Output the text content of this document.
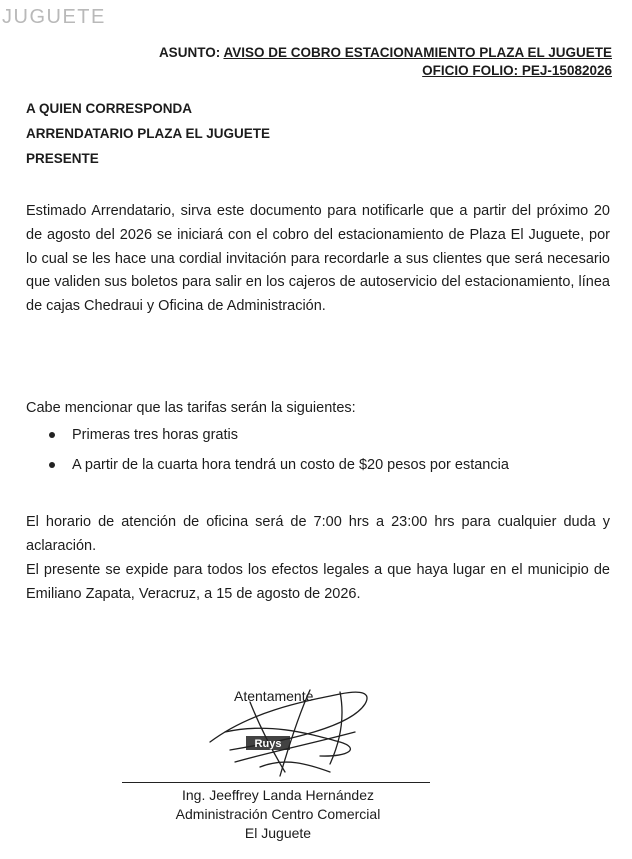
JUGUETE
ASUNTO: AVISO DE COBRO ESTACIONAMIENTO PLAZA EL JUGUETE
OFICIO FOLIO: PEJ-15082026
A QUIEN CORRESPONDA
ARRENDATARIO PLAZA EL JUGUETE
PRESENTE
Estimado Arrendatario, sirva este documento para notificarle que a partir del próximo 20 de agosto del 2026 se iniciará con el cobro del estacionamiento de Plaza El Juguete, por lo cual se les hace una cordial invitación para recordarle a sus clientes que será necesario que validen sus boletos para salir en los cajeros de autoservicio del estacionamiento, línea de cajas Chedraui y Oficina de Administración.
Cabe mencionar que las tarifas serán la siguientes:
Primeras tres horas gratis
A partir de la cuarta hora tendrá un costo de $20 pesos por estancia

El horario de atención de oficina será de 7:00 hrs a 23:00 hrs para cualquier duda y aclaración.

El presente se expide para todos los efectos legales a que haya lugar en el municipio de Emiliano Zapata, Veracruz, a 15 de agosto de 2026.

Atentamente
Ruys
Ing. Jeeffrey Landa Hernández
Administración Centro Comercial
El Juguete
